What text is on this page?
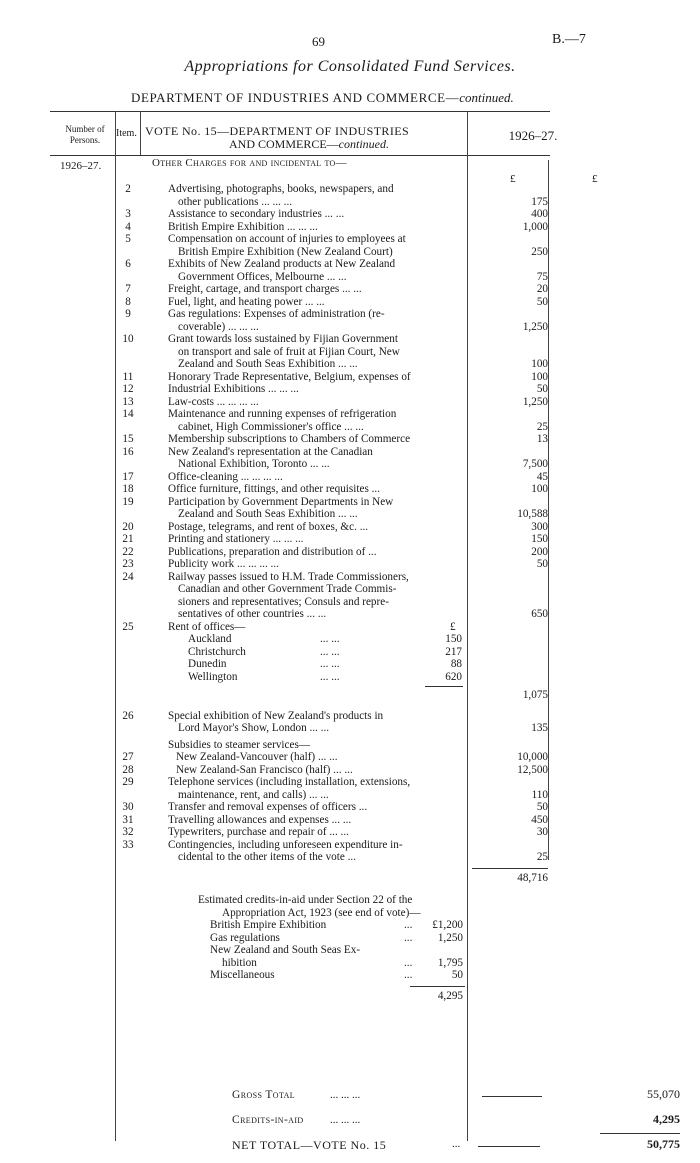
69	B.—7
Appropriations for Consolidated Fund Services.
DEPARTMENT OF INDUSTRIES AND COMMERCE—continued.
Number of Persons.
Item. VOTE No. 15—DEPARTMENT OF INDUSTRIES
AND COMMERCE—continued.
1926–27.
1926–27.	Other Charges for and incidental to—
£	£
2	Advertising, photographs, books, newspapers, and
other publications ... ... ...	175
3	Assistance to secondary industries ... ...	400
4	British Empire Exhibition ... ... ...	1,000
5	Compensation on account of injuries to employees at
British Empire Exhibition (New Zealand Court)	250
6	Exhibits of New Zealand products at New Zealand
Government Offices, Melbourne ... ...	75
7	Freight, cartage, and transport charges ... ...	20
8	Fuel, light, and heating power ... ...	50
9	Gas regulations: Expenses of administration (re-
coverable) ... ... ...	1,250
10	Grant towards loss sustained by Fijian Government
on transport and sale of fruit at Fijian Court, New
Zealand and South Seas Exhibition ... ...	100
11	Honorary Trade Representative, Belgium, expenses of	100
12	Industrial Exhibitions ... ... ...	50
13	Law-costs ... ... ... ...	1,250
14	Maintenance and running expenses of refrigeration
cabinet, High Commissioner's office ... ...	25
15	Membership subscriptions to Chambers of Commerce	13
16	New Zealand's representation at the Canadian
National Exhibition, Toronto ... ...	7,500
17	Office-cleaning ... ... ... ...	45
18	Office furniture, fittings, and other requisites ...	100
19	Participation by Government Departments in New
Zealand and South Seas Exhibition ... ...	10,588
20	Postage, telegrams, and rent of boxes, &c. ...	300
21	Printing and stationery ... ... ...	150
22	Publications, preparation and distribution of ...	200
23	Publicity work ... ... ... ...	50
24	Railway passes issued to H.M. Trade Commissioners,
Canadian and other Government Trade Commis-
sioners and representatives; Consuls and repre-
sentatives of other countries ... ...	650
25	Rent of offices—	£
Auckland	... ...	150
Christchurch	... ...	217
Dunedin	... ...	88
Wellington	... ...	620
1,075
26	Special exhibition of New Zealand's products in
Lord Mayor's Show, London ... ...	135
Subsidies to steamer services—
27	New Zealand-Vancouver (half) ... ...	10,000
28	New Zealand-San Francisco (half) ... ...	12,500
29	Telephone services (including installation, extensions,
maintenance, rent, and calls) ... ...	110
30	Transfer and removal expenses of officers ...	50
31	Travelling allowances and expenses ... ...	450
32	Typewriters, purchase and repair of ... ...	30
33	Contingencies, including unforeseen expenditure in-
cidental to the other items of the vote ...	25
48,716
Estimated credits-in-aid under Section 22 of the
Appropriation Act, 1923 (see end of vote)—
British Empire Exhibition	...	£1,200
Gas regulations	...	1,250
New Zealand and South Seas Ex-
hibition	...	1,795
Miscellaneous	...	50
4,295
Gross Total	... ... ...	55,070
Credits-in-aid ... ... ...	4,295
NET TOTAL—VOTE No. 15	...	50,775
